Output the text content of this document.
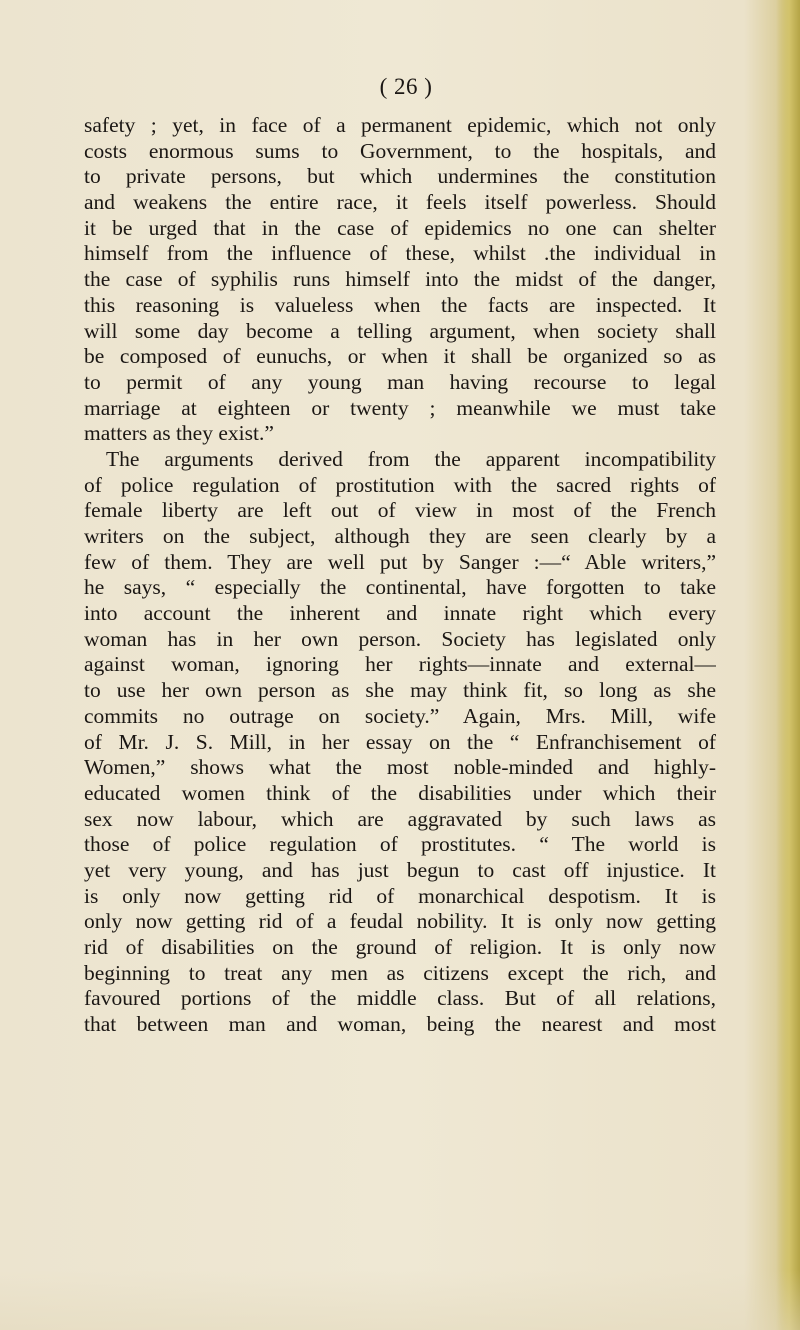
( 26 )
safety ; yet, in face of a permanent epidemic, which not only
costs enormous sums to Government, to the hospitals, and
to private persons, but which undermines the constitution
and weakens the entire race, it feels itself powerless. Should
it be urged that in the case of epidemics no one can shelter
himself from the influence of these, whilst .the individual in
the case of syphilis runs himself into the midst of the danger,
this reasoning is valueless when the facts are inspected. It
will some day become a telling argument, when society shall
be composed of eunuchs, or when it shall be organized so as
to permit of any young man having recourse to legal
marriage at eighteen or twenty ; meanwhile we must take
matters as they exist.”
The arguments derived from the apparent incompatibility
of police regulation of prostitution with the sacred rights of
female liberty are left out of view in most of the French
writers on the subject, although they are seen clearly by a
few of them. They are well put by Sanger :—“ Able writers,”
he says, “ especially the continental, have forgotten to take
into account the inherent and innate right which every
woman has in her own person. Society has legislated only
against woman, ignoring her rights—innate and external—
to use her own person as she may think fit, so long as she
commits no outrage on society.” Again, Mrs. Mill, wife
of Mr. J. S. Mill, in her essay on the “ Enfranchisement of
Women,” shows what the most noble-minded and highly-
educated women think of the disabilities under which their
sex now labour, which are aggravated by such laws as
those of police regulation of prostitutes. “ The world is
yet very young, and has just begun to cast off injustice. It
is only now getting rid of monarchical despotism. It is
only now getting rid of a feudal nobility. It is only now getting
rid of disabilities on the ground of religion. It is only now
beginning to treat any men as citizens except the rich, and
favoured portions of the middle class. But of all relations,
that between man and woman, being the nearest and most
